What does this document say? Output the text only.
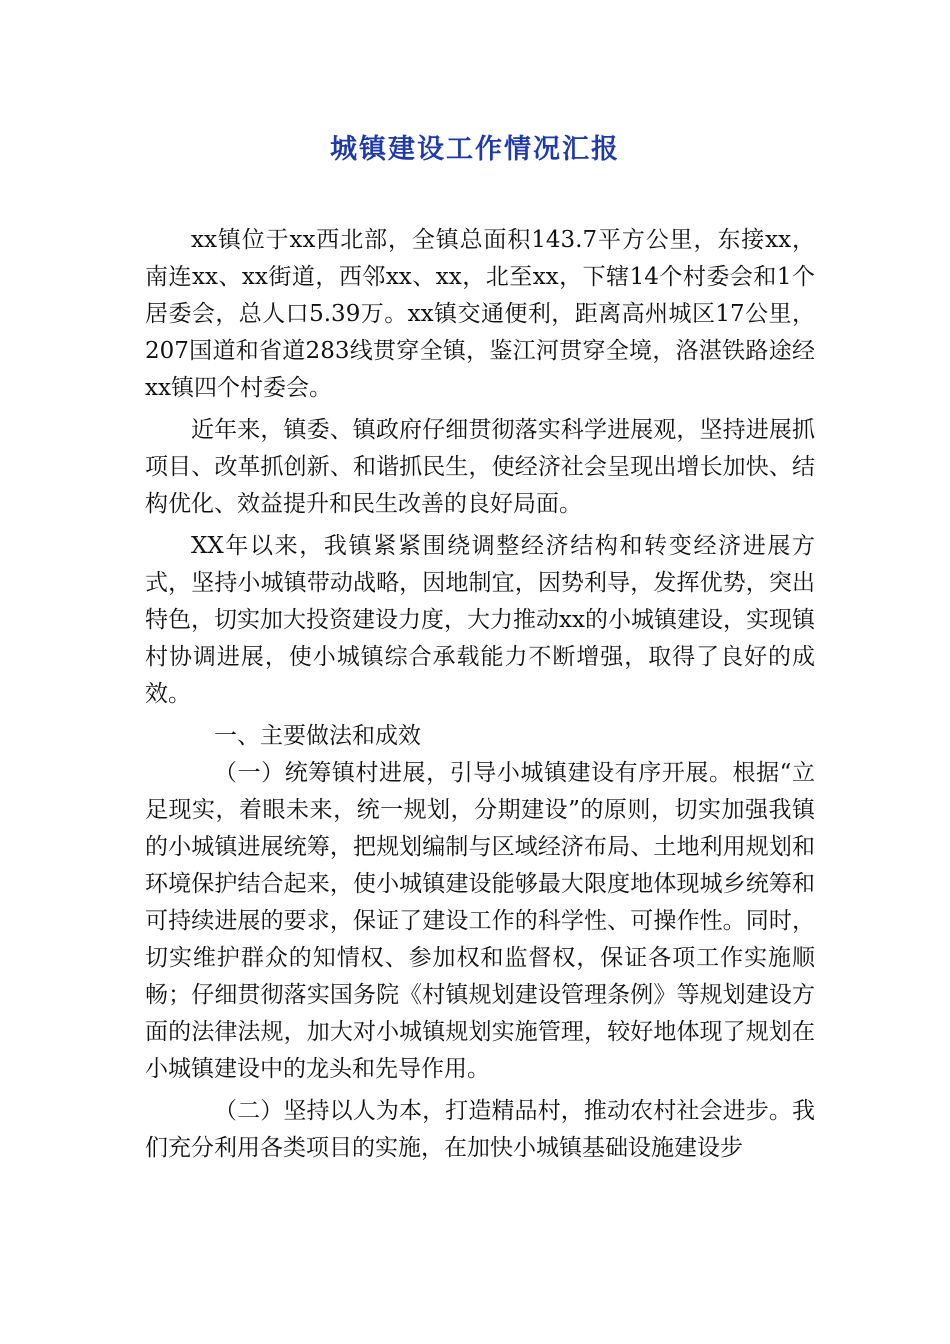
城镇建设工作情况汇报

xx镇位于xx西北部，全镇总面积143.7平方公里，东接xx，南连xx、xx街道，西邻xx、xx，北至xx，下辖14个村委会和1个居委会，总人口5.39万。xx镇交通便利，距离高州城区17公里，207国道和省道283线贯穿全镇，鉴江河贯穿全境，洛湛铁路途经xx镇四个村委会。

近年来，镇委、镇政府仔细贯彻落实科学进展观，坚持进展抓项目、改革抓创新、和谐抓民生，使经济社会呈现出增长加快、结构优化、效益提升和民生改善的良好局面。

XX年以来，我镇紧紧围绕调整经济结构和转变经济进展方式，坚持小城镇带动战略，因地制宜，因势利导，发挥优势，突出特色，切实加大投资建设力度，大力推动xx的小城镇建设，实现镇村协调进展，使小城镇综合承载能力不断增强，取得了良好的成效。

一、主要做法和成效

（一）统筹镇村进展，引导小城镇建设有序开展。根据“立足现实，着眼未来，统一规划，分期建设”的原则，切实加强我镇的小城镇进展统筹，把规划编制与区域经济布局、土地利用规划和环境保护结合起来，使小城镇建设能够最大限度地体现城乡统筹和可持续进展的要求，保证了建设工作的科学性、可操作性。同时，切实维护群众的知情权、参加权和监督权，保证各项工作实施顺畅；仔细贯彻落实国务院《村镇规划建设管理条例》等规划建设方面的法律法规，加大对小城镇规划实施管理，较好地体现了规划在小城镇建设中的龙头和先导作用。

（二）坚持以人为本，打造精品村，推动农村社会进步。我们充分利用各类项目的实施，在加快小城镇基础设施建设步
